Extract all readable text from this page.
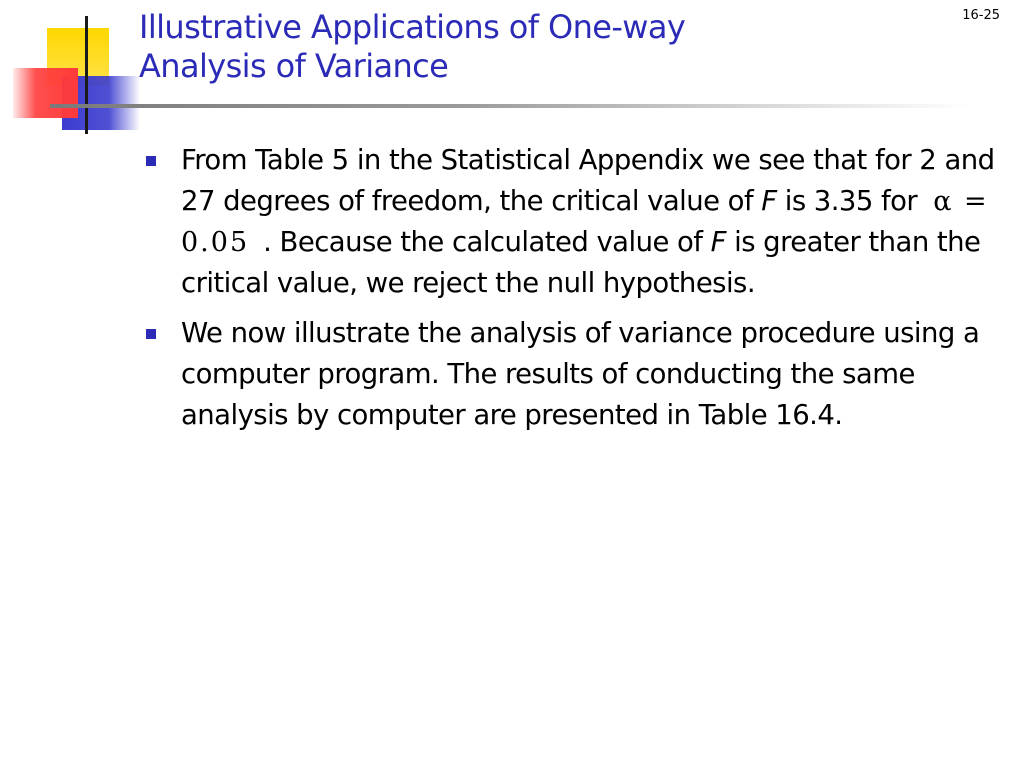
16-25
Illustrative Applications of One-way
Analysis of Variance
From Table 5 in the Statistical Appendix we see that for 2 and 27 degrees of freedom, the critical value of F is 3.35 for α = 0.05 . Because the calculated value of F is greater than the critical value, we reject the null hypothesis.
We now illustrate the analysis of variance procedure using a computer program. The results of conducting the same analysis by computer are presented in Table 16.4.
